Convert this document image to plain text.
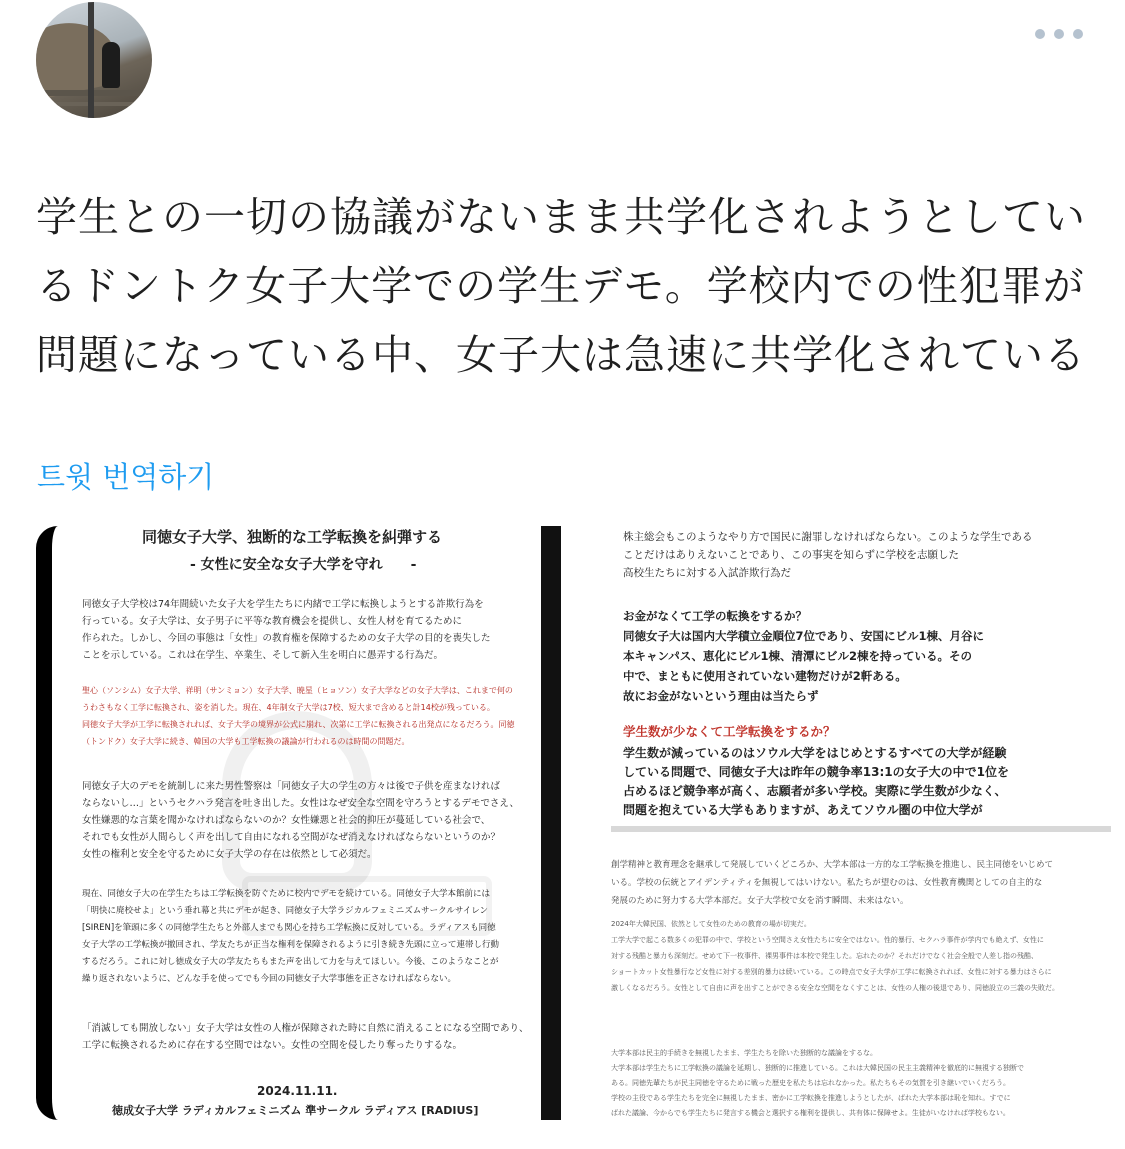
学生との一切の協議がないまま共学化されようとしてい
るドントク女子大学での学生デモ。学校内での性犯罪が
問題になっている中、女子大は急速に共学化されている
트윗 번역하기
同徳女子大学、独断的な工学転換を糾弾する
- 女性に安全な女子大学を守れ　　-

同徳女子大学校は74年間続いた女子大を学生たちに内緒で工学に転換しようとする詐欺行為を

行っている。女子大学は、女子男子に平等な教育機会を提供し、女性人材を育てるために

作られた。しかし、今回の事態は「女性」の教育権を保障するための女子大学の目的を喪失した

ことを示している。これは在学生、卒業生、そして新入生を明白に愚弄する行為だ。

聖心（ソンシム）女子大学、祥明（サンミョン）女子大学、暁星（ヒョソン）女子大学などの女子大学は、これまで何の

うわさもなく工学に転換され、姿を消した。現在、4年制女子大学は7校、短大まで含めると計14校が残っている。

同徳女子大学が工学に転換されれば、女子大学の境界が公式に崩れ、次第に工学に転換される出発点になるだろう。同徳

（トンドク）女子大学に続き、韓国の大学も工学転換の議論が行われるのは時間の問題だ。

同徳女子大のデモを統制しに来た男性警察は「同徳女子大の学生の方々は後で子供を産まなければ

ならないし…」というセクハラ発言を吐き出した。女性はなぜ安全な空間を守ろうとするデモでさえ、

女性嫌悪的な言葉を聞かなければならないのか？女性嫌悪と社会的抑圧が蔓延している社会で、

それでも女性が人間らしく声を出して自由になれる空間がなぜ消えなければならないというのか？

女性の権利と安全を守るために女子大学の存在は依然として必須だ。

現在、同徳女子大の在学生たちは工学転換を防ぐために校内でデモを続けている。同徳女子大学本館前には

「明快に廃校せよ」という垂れ幕と共にデモが起き、同徳女子大学ラジカルフェミニズムサークルサイレン

[SIREN]を筆頭に多くの同徳学生たちと外部人までも関心を持ち工学転換に反対している。ラディアスも同徳

女子大学の工学転換が撤回され、学友たちが正当な権利を保障されるように引き続き先頭に立って連帯し行動

するだろう。これに対し徳成女子大の学友たちもまた声を出して力を与えてほしい。今後、このようなことが

繰り返されないように、どんな手を使ってでも今回の同徳女子大学事態を正さなければならない。

「消滅しても開放しない」女子大学は女性の人権が保障された時に自然に消えることになる空間であり、

工学に転換されるために存在する空間ではない。女性の空間を侵したり奪ったりするな。

2024.11.11.
徳成女子大学 ラディカルフェミニズム 準サークル ラディアス [RADIUS]

株主総会もこのようなやり方で国民に謝罪しなければならない。このような学生である

ことだけはありえないことであり、この事実を知らずに学校を志願した

高校生たちに対する入試詐欺行為だ

お金がなくて工学の転換をするか？

同徳女子大は国内大学積立金順位7位であり、安国にビル1棟、月谷に

本キャンパス、恵化にビル1棟、清潭にビル2棟を持っている。その

中で、まともに使用されていない建物だけが2軒ある。

故にお金がないという理由は当たらず

学生数が少なくて工学転換をするか？

学生数が減っているのはソウル大学をはじめとするすべての大学が経験

している問題で、同徳女子大は昨年の競争率13:1の女子大の中で1位を

占めるほど競争率が高く、志願者が多い学校。実際に学生数が少なく、

問題を抱えている大学もありますが、あえてソウル圏の中位大学が

創学精神と教育理念を継承して発展していくどころか、大学本部は一方的な工学転換を推進し、民主同徳をいじめて

いる。学校の伝統とアイデンティティを無視してはいけない。私たちが望むのは、女性教育機関としての自主的な

発展のために努力する大学本部だ。女子大学校で女を消す瞬間、未来はない。

2024年大韓民国、依然として女性のための教育の場が切実だ。

工学大学で起こる数多くの犯罪の中で、学校という空間さえ女性たちに安全ではない。性的暴行、セクハラ事件が学内でも絶えず、女性に

対する残酷と暴力も深刻だ。せめて下一枚事件、裸男事件は本校で発生した。忘れたのか？それだけでなく社会全般で人差し指の残酷、

ショートカット女性暴行など女性に対する差別的暴力は続いている。この時点で女子大学が工学に転換されれば、女性に対する暴力はさらに

激しくなるだろう。女性として自由に声を出すことができる安全な空間をなくすことは、女性の人権の後退であり、同徳設立の三義の失敗だ。

大学本部は民主的手続きを無視したまま、学生たちを除いた独断的な議論をするな。

大学本部は学生たちに工学転換の議論を延期し、独断的に推進している。これは大韓民国の民主主義精神を徹底的に無視する独断で

ある。同徳先輩たちが民主同徳を守るために戦った歴史を私たちは忘れなかった。私たちもその気質を引き継いでいくだろう。

学校の主役である学生たちを完全に無視したまま、密かに工学転換を推進しようとしたが、ばれた大学本部は恥を知れ。すでに

ばれた議論、今からでも学生たちに発言する機会と選択する権利を提供し、共有体に保障せよ。生徒がいなければ学校もない。
